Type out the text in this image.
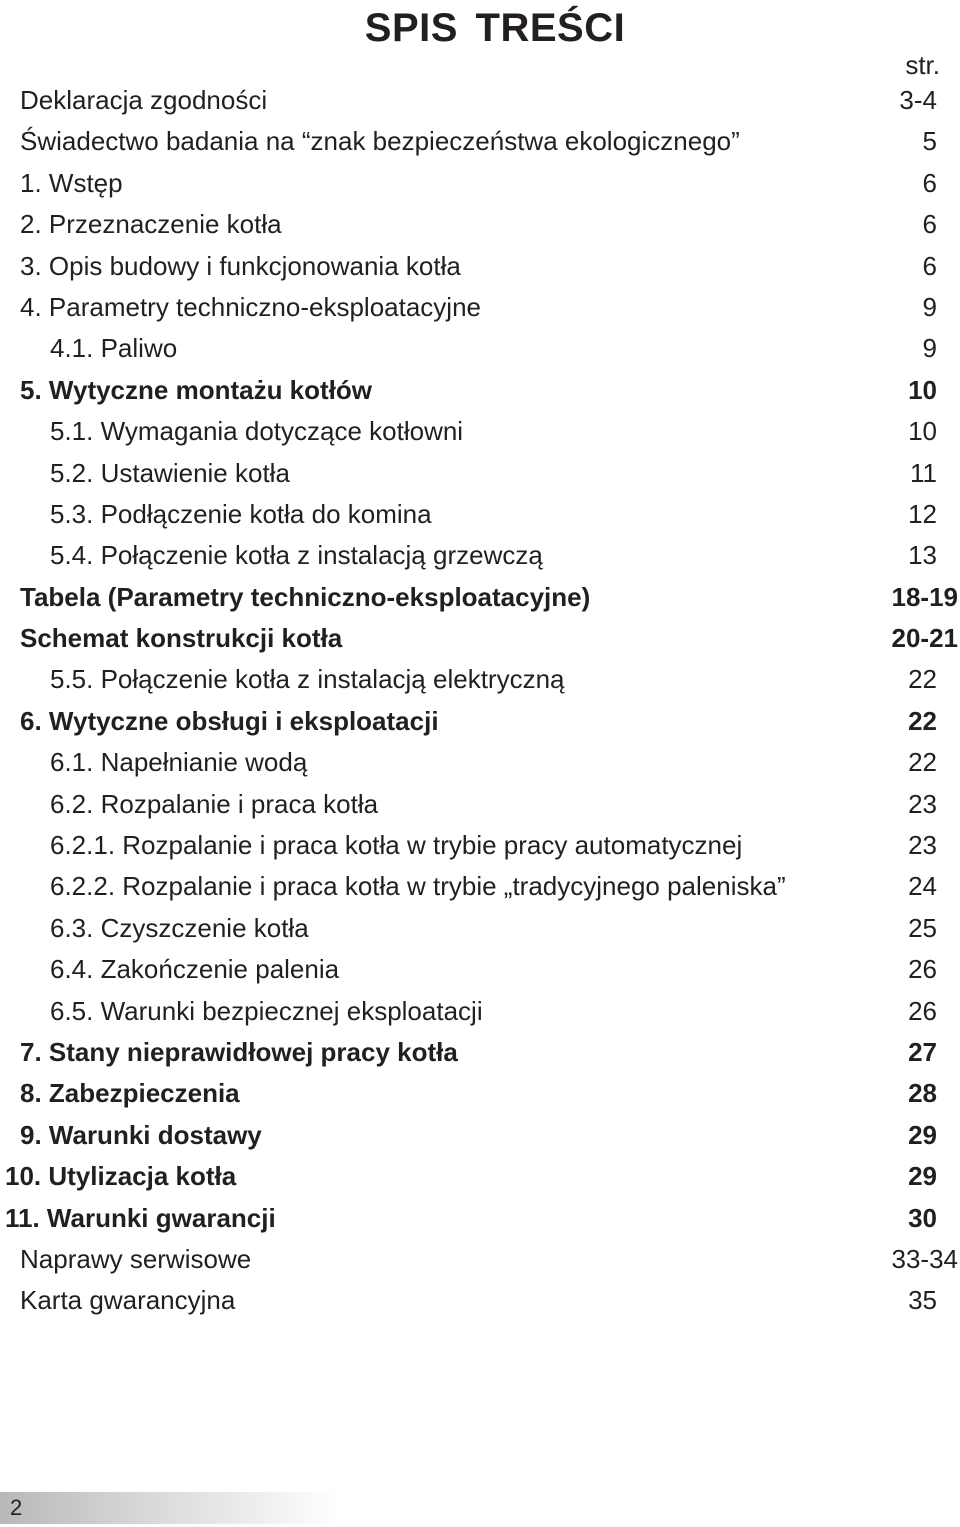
SPIS TREŚCI
str.
Deklaracja zgodności	3-4
Świadectwo badania na “znak bezpieczeństwa ekologicznego”	5
1. Wstęp	6
2. Przeznaczenie kotła	6
3. Opis budowy i funkcjonowania kotła	6
4. Parametry techniczno-eksploatacyjne	9
4.1. Paliwo	9
5. Wytyczne montażu kotłów	10
5.1. Wymagania dotyczące kotłowni	10
5.2. Ustawienie kotła	11
5.3. Podłączenie kotła do komina	12
5.4. Połączenie kotła z instalacją grzewczą	13
Tabela (Parametry techniczno-eksploatacyjne)	18-19
Schemat konstrukcji kotła	20-21
5.5. Połączenie kotła z instalacją elektryczną	22
6. Wytyczne obsługi i eksploatacji	22
6.1. Napełnianie wodą	22
6.2. Rozpalanie i praca kotła	23
6.2.1. Rozpalanie i praca kotła w trybie pracy automatycznej	23
6.2.2. Rozpalanie i praca kotła w trybie „tradycyjnego paleniska”	24
6.3. Czyszczenie kotła	25
6.4. Zakończenie palenia	26
6.5. Warunki bezpiecznej eksploatacji	26
7. Stany nieprawidłowej pracy kotła	27
8. Zabezpieczenia	28
9. Warunki dostawy	29
10. Utylizacja kotła	29
11. Warunki gwarancji	30
Naprawy serwisowe	33-34
Karta gwarancyjna	35
2
